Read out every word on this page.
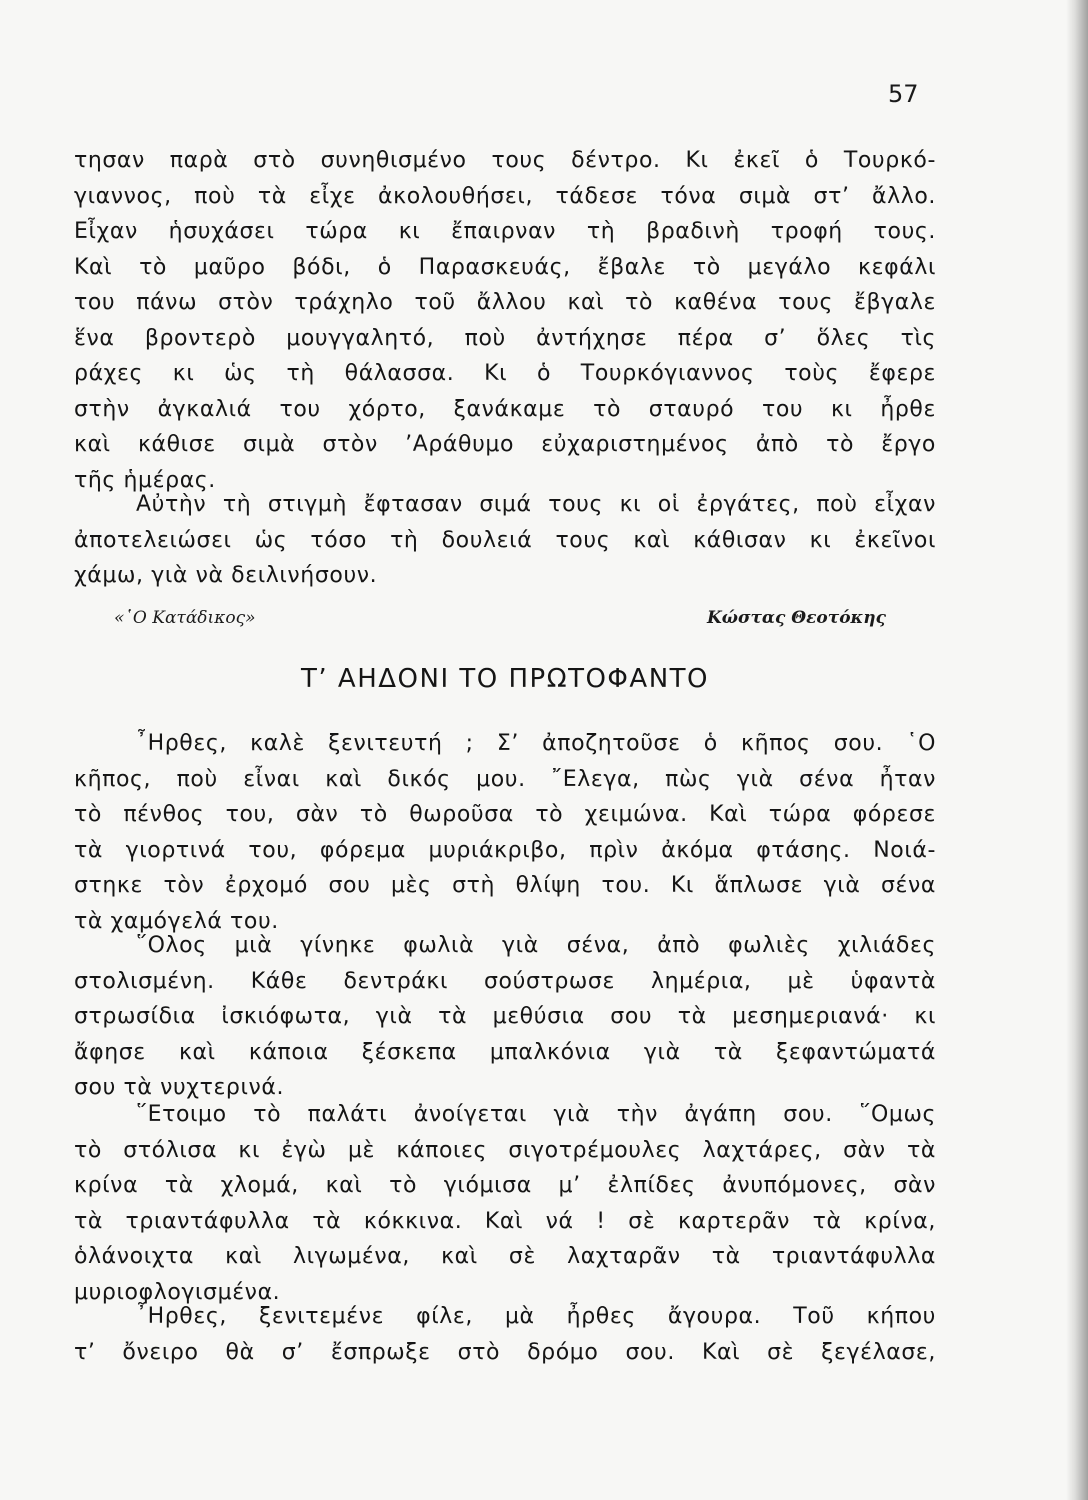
57
τησαν παρὰ στὸ συνηθισμένο τους δέντρο. Κι ἐκεῖ ὁ Τουρκό-
γιαννος, ποὺ τὰ εἶχε ἀκολουθήσει, τάδεσε τόνα σιμὰ στ’ ἄλλο.
Εἶχαν ἡσυχάσει τώρα κι ἔπαιρναν τὴ βραδινὴ τροφή τους.
Καὶ τὸ μαῦρο βόδι, ὁ Παρασκευάς, ἔβαλε τὸ μεγάλο κεφάλι
του πάνω στὸν τράχηλο τοῦ ἄλλου καὶ τὸ καθένα τους ἔβγαλε
ἕνα βροντερὸ μουγγαλητό, ποὺ ἀντήχησε πέρα σ’ ὅλες τὶς
ράχες κι ὡς τὴ θάλασσα. Κι ὁ Τουρκόγιαννος τοὺς ἔφερε
στὴν ἀγκαλιά του χόρτο, ξανάκαμε τὸ σταυρό του κι ἦρθε
καὶ κάθισε σιμὰ στὸν ’Αράθυμο εὐχαριστημένος ἀπὸ τὸ ἔργο
τῆς ἡμέρας.
Αὐτὴν τὴ στιγμὴ ἔφτασαν σιμά τους κι οἱ ἐργάτες, ποὺ εἶχαν
ἀποτελειώσει ὡς τόσο τὴ δουλειά τους καὶ κάθισαν κι ἐκεῖνοι
χάμω, γιὰ νὰ δειλινήσουν.
«῾Ο Κατάδικος»	Κώστας Θεοτόκης
Τ’ ΑΗΔΟΝΙ ΤΟ ΠΡΩΤΟΦΑΝΤΟ
῏Ηρθες, καλὲ ξενιτευτή ; Σ’ ἀποζητοῦσε ὁ κῆπος σου. ῾Ο
κῆπος, ποὺ εἶναι καὶ δικός μου. ῎Ελεγα, πὼς γιὰ σένα ἦταν
τὸ πένθος του, σὰν τὸ θωροῦσα τὸ χειμώνα. Καὶ τώρα φόρεσε
τὰ γιορτινά του, φόρεμα μυριάκριβο, πρὶν ἀκόμα φτάσης. Νοιά-
στηκε τὸν ἐρχομό σου μὲς στὴ θλίψη του. Κι ἅπλωσε γιὰ σένα
τὰ χαμόγελά του.
῞Ολος μιὰ γίνηκε φωλιὰ γιὰ σένα, ἀπὸ φωλιὲς χιλιάδες
στολισμένη. Κάθε δεντράκι σούστρωσε λημέρια, μὲ ὑφαντὰ
στρωσίδια ἰσκιόφωτα, γιὰ τὰ μεθύσια σου τὰ μεσημεριανά· κι
ἄφησε καὶ κάποια ξέσκεπα μπαλκόνια γιὰ τὰ ξεφαντώματά
σου τὰ νυχτερινά.
῞Ετοιμο τὸ παλάτι ἀνοίγεται γιὰ τὴν ἀγάπη σου. ῞Ομως
τὸ στόλισα κι ἐγὼ μὲ κάποιες σιγοτρέμουλες λαχτάρες, σὰν τὰ
κρίνα τὰ χλομά, καὶ τὸ γιόμισα μ’ ἐλπίδες ἀνυπόμονες, σὰν
τὰ τριαντάφυλλα τὰ κόκκινα. Καὶ νά ! σὲ καρτερᾶν τὰ κρίνα,
ὁλάνοιχτα καὶ λιγωμένα, καὶ σὲ λαχταρᾶν τὰ τριαντάφυλλα
μυριοφλογισμένα.
῏Ηρθες, ξενιτεμένε φίλε, μὰ ἦρθες ἄγουρα. Τοῦ κήπου
τ’ ὄνειρο θὰ σ’ ἔσπρωξε στὸ δρόμο σου. Καὶ σὲ ξεγέλασε,
